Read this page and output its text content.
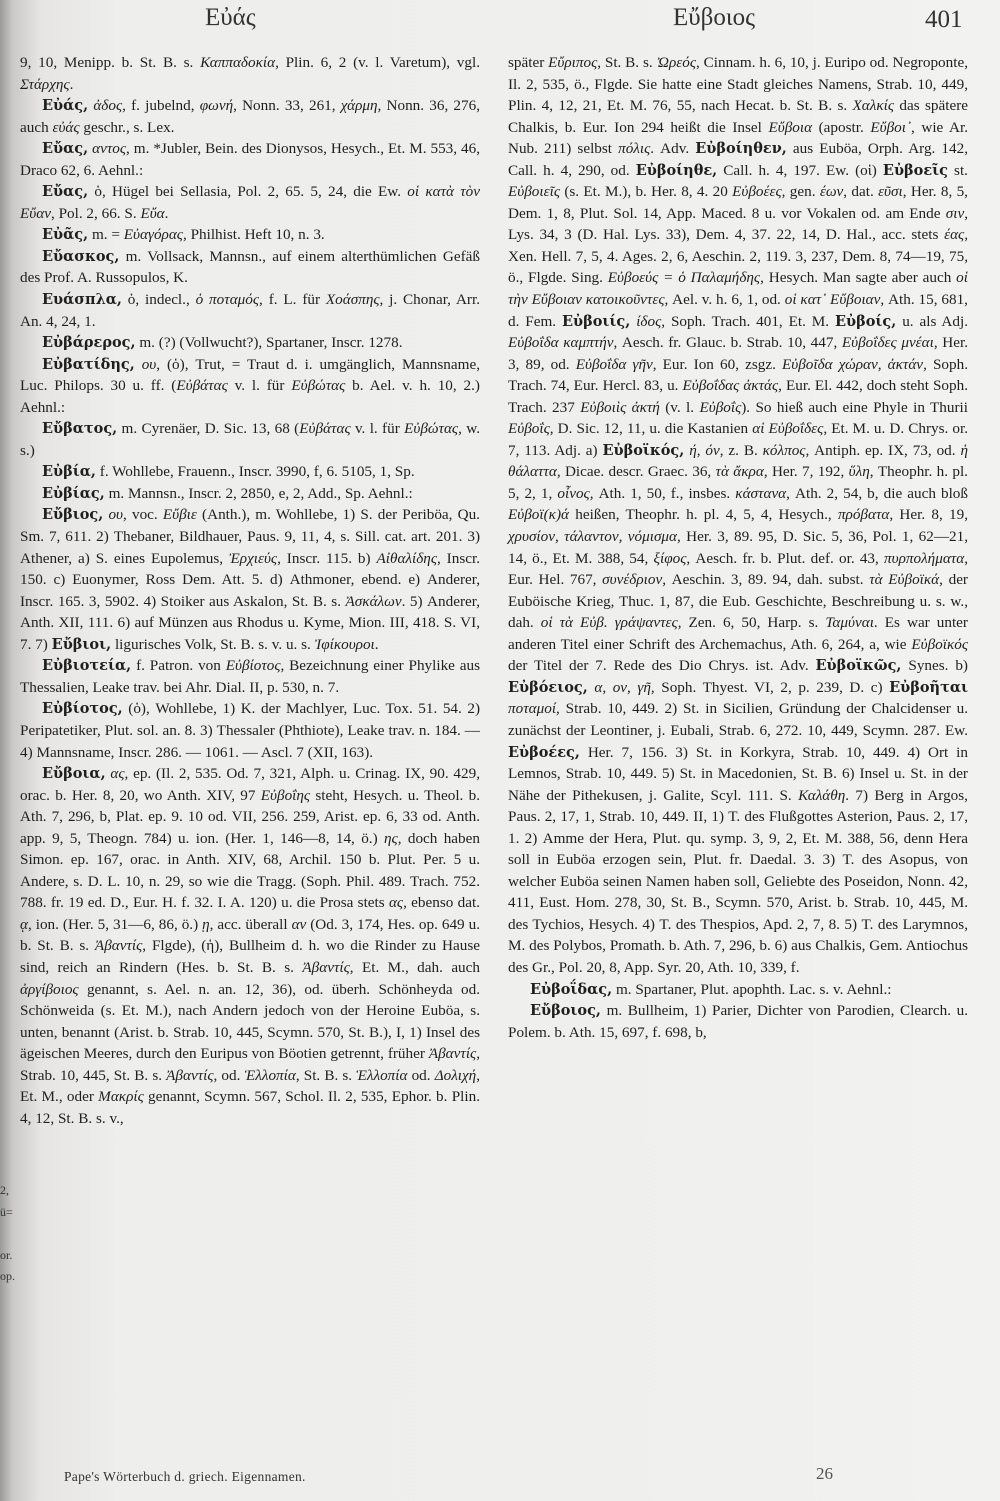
Εὐάς	Εὔβοιος	401
2,
ü=

or.
op.

9, 10, Menipp. b. St. B. s. Καππαδοκία, Plin. 6, 2 (v. l. Varetum), vgl. Στάρχης.

Εὐάς, ἀδος, f. jubelnd, φωνή, Nonn. 33, 261, χάρμη, Nonn. 36, 276, auch εὐάς geschr., s. Lex.

Εὔας, αντος, m. *Jubler, Bein. des Dionysos, Hesych., Et. M. 553, 46, Draco 62, 6. Aehnl.:

Εὔας, ὁ, Hügel bei Sellasia, Pol. 2, 65. 5, 24, die Ew. οἱ κατὰ τὸν Εὔαν, Pol. 2, 66. S. Εὔα.

Εὐᾶς, m. = Εὐαγόρας, Philhist. Heft 10, n. 3.

Εὔασκος, m. Vollsack, Mannsn., auf einem alterthümlichen Gefäß des Prof. A. Russopulos, K.

Ευάσπλα, ὁ, indecl., ὁ ποταμός, f. L. für Χοάσπης, j. Chonar, Arr. An. 4, 24, 1.

Εὐβάρερος, m. (?) (Vollwucht?), Spartaner, Inscr. 1278.

Εὐβατίδης, ου, (ὁ), Trut, = Traut d. i. umgänglich, Mannsname, Luc. Philops. 30 u. ff. (Εὐβάτας v. l. für Εὐβώτας b. Ael. v. h. 10, 2.) Aehnl.:

Εὔβατος, m. Cyrenäer, D. Sic. 13, 68 (Εὐβάτας v. l. für Εὐβώτας, w. s.)

Εὐβία, f. Wohllebe, Frauenn., Inscr. 3990, f, 6. 5105, 1, Sp.

Εὐβίας, m. Mannsn., Inscr. 2, 2850, e, 2, Add., Sp. Aehnl.:

Εὔβιος, ου, voc. Εὔβιε (Anth.), m. Wohllebe, 1) S. der Periböa, Qu. Sm. 7, 611. 2) Thebaner, Bildhauer, Paus. 9, 11, 4, s. Sill. cat. art. 201. 3) Athener, a) S. eines Eupolemus, Ἐρχιεύς, Inscr. 115. b) Αἰθαλίδης, Inscr. 150. c) Euonymer, Ross Dem. Att. 5. d) Athmoner, ebend. e) Anderer, Inscr. 165. 3, 5902. 4) Stoiker aus Askalon, St. B. s. Ἀσκάλων. 5) Anderer, Anth. XII, 111. 6) auf Münzen aus Rhodus u. Kyme, Mion. III, 418. S. VI, 7. 7) Εὔβιοι, ligurisches Volk, St. B. s. v. u. s. Ἰφίκουροι.

Εὐβιοτεία, f. Patron. von Εὐβίοτος, Bezeichnung einer Phylike aus Thessalien, Leake trav. bei Ahr. Dial. II, p. 530, n. 7.

Εὐβίοτος, (ὁ), Wohllebe, 1) K. der Machlyer, Luc. Tox. 51. 54. 2) Peripatetiker, Plut. sol. an. 8. 3) Thessaler (Phthiote), Leake trav. n. 184. — 4) Mannsname, Inscr. 286. — 1061. — Ascl. 7 (XII, 163).

Εὔβοια, ας, ep. (Il. 2, 535. Od. 7, 321, Alph. u. Crinag. IX, 90. 429, orac. b. Her. 8, 20, wo Anth. XIV, 97 Εὐβοΐης steht, Hesych. u. Theol. b. Ath. 7, 296, b, Plat. ep. 9. 10 od. VII, 256. 259, Arist. ep. 6, 33 od. Anth. app. 9, 5, Theogn. 784) u. ion. (Her. 1, 146—8, 14, ö.) ης, doch haben Simon. ep. 167, orac. in Anth. XIV, 68, Archil. 150 b. Plut. Per. 5 u. Andere, s. D. L. 10, n. 29, so wie die Tragg. (Soph. Phil. 489. Trach. 752. 788. fr. 19 ed. D., Eur. H. f. 32. I. A. 120) u. die Prosa stets ας, ebenso dat. ᾳ, ion. (Her. 5, 31—6, 86, ö.) ῃ, acc. überall αν (Od. 3, 174, Hes. op. 649 u. b. St. B. s. Ἀβαντίς, Flgde), (ἡ), Bullheim d. h. wo die Rinder zu Hause sind, reich an Rindern (Hes. b. St. B. s. Ἀβαντίς, Et. M., dah. auch ἀργίβοιος genannt, s. Ael. n. an. 12, 36), od. überh. Schönheyda od. Schönweida (s. Et. M.), nach Andern jedoch von der Heroine Euböa, s. unten, benannt (Arist. b. Strab. 10, 445, Scymn. 570, St. B.), I, 1) Insel des ägeischen Meeres, durch den Euripus von Böotien getrennt, früher Ἀβαντίς, Strab. 10, 445, St. B. s. Ἀβαντίς, od. Ἑλλοπία, St. B. s. Ἑλλοπία od. Δολιχή, Et. M., oder Μακρίς genannt, Scymn. 567, Schol. Il. 2, 535, Ephor. b. Plin. 4, 12, St. B. s. v.,

später Εὔριπος, St. B. s. Ὠρεός, Cinnam. h. 6, 10, j. Euripo od. Negroponte, Il. 2, 535, ö., Flgde. Sie hatte eine Stadt gleiches Namens, Strab. 10, 449, Plin. 4, 12, 21, Et. M. 76, 55, nach Hecat. b. St. B. s. Χαλκίς das spätere Chalkis, b. Eur. Ion 294 heißt die Insel Εὔβοια (apostr. Εὔβοι᾽, wie Ar. Nub. 211) selbst πόλις. Adv. Εὐβοίηθεν, aus Euböa, Orph. Arg. 142, Call. h. 4, 290, od. Εὐβοίηθε, Call. h. 4, 197. Ew. (οἱ) Εὐβοεῖς st. Εὐβοιεῖς (s. Et. M.), b. Her. 8, 4. 20 Εὐβοέες, gen. έων, dat. εῦσι, Her. 8, 5, Dem. 1, 8, Plut. Sol. 14, App. Maced. 8 u. vor Vokalen od. am Ende σιν, Lys. 34, 3 (D. Hal. Lys. 33), Dem. 4, 37. 22, 14, D. Hal., acc. stets έας, Xen. Hell. 7, 5, 4. Ages. 2, 6, Aeschin. 2, 119. 3, 237, Dem. 8, 74—19, 75, ö., Flgde. Sing. Εὐβοεύς = ὁ Παλαμήδης, Hesych. Man sagte aber auch οἱ τὴν Εὔβοιαν κατοικοῦντες, Ael. v. h. 6, 1, od. οἱ κατ᾽ Εὔβοιαν, Ath. 15, 681, d. Fem. Εὐβοιίς, ίδος, Soph. Trach. 401, Et. M. Εὐβοίς, u. als Adj. Εὐβοΐδα καμπτήν, Aesch. fr. Glauc. b. Strab. 10, 447, Εὐβοΐδες μνέαι, Her. 3, 89, od. Εὐβοΐδα γῆν, Eur. Ion 60, zsgz. Εὐβοῖδα χώραν, ἀκτάν, Soph. Trach. 74, Eur. Hercl. 83, u. Εὐβοΐδας ἀκτάς, Eur. El. 442, doch steht Soph. Trach. 237 Εὐβοιὶς ἀκτή (v. l. Εὐβοΐς). So hieß auch eine Phyle in Thurii Εὐβοΐς, D. Sic. 12, 11, u. die Kastanien αἱ Εὐβοΐδες, Et. M. u. D. Chrys. or. 7, 113. Adj. a) Εὐβοϊκός, ή, όν, z. B. κόλπος, Antiph. ep. IX, 73, od. ἡ θάλαττα, Dicae. descr. Graec. 36, τὰ ἄκρα, Her. 7, 192, ὕλη, Theophr. h. pl. 5, 2, 1, οἶνος, Ath. 1, 50, f., insbes. κάστανα, Ath. 2, 54, b, die auch bloß Εὐβοϊ(κ)ά heißen, Theophr. h. pl. 4, 5, 4, Hesych., πρόβατα, Her. 8, 19, χρυσίον, τάλαντον, νόμισμα, Her. 3, 89. 95, D. Sic. 5, 36, Pol. 1, 62—21, 14, ö., Et. M. 388, 54, ξίφος, Aesch. fr. b. Plut. def. or. 43, πυρπολήματα, Eur. Hel. 767, συνέδριον, Aeschin. 3, 89. 94, dah. subst. τὰ Εὐβοϊκά, der Euböische Krieg, Thuc. 1, 87, die Eub. Geschichte, Beschreibung u. s. w., dah. οἱ τὰ Εὐβ. γράψαντες, Zen. 6, 50, Harp. s. Ταμύναι. Es war unter anderen Titel einer Schrift des Archemachus, Ath. 6, 264, a, wie Εὐβοϊκός der Titel der 7. Rede des Dio Chrys. ist. Adv. Εὐβοϊκῶς, Synes. b) Εὐβόειος, α, ον, γῆ, Soph. Thyest. VI, 2, p. 239, D. c) Εὐβοῆται ποταμοί, Strab. 10, 449. 2) St. in Sicilien, Gründung der Chalcidenser u. zunächst der Leontiner, j. Eubali, Strab. 6, 272. 10, 449, Scymn. 287. Ew. Εὐβοέες, Her. 7, 156. 3) St. in Korkyra, Strab. 10, 449. 4) Ort in Lemnos, Strab. 10, 449. 5) St. in Macedonien, St. B. 6) Insel u. St. in der Nähe der Pithekusen, j. Galite, Scyl. 111. S. Καλάθη. 7) Berg in Argos, Paus. 2, 17, 1, Strab. 10, 449. II, 1) T. des Flußgottes Asterion, Paus. 2, 17, 1. 2) Amme der Hera, Plut. qu. symp. 3, 9, 2, Et. M. 388, 56, denn Hera soll in Euböa erzogen sein, Plut. fr. Daedal. 3. 3) T. des Asopus, von welcher Euböa seinen Namen haben soll, Geliebte des Poseidon, Nonn. 42, 411, Eust. Hom. 278, 30, St. B., Scymn. 570, Arist. b. Strab. 10, 445, M. des Tychios, Hesych. 4) T. des Thespios, Apd. 2, 7, 8. 5) T. des Larymnos, M. des Polybos, Promath. b. Ath. 7, 296, b. 6) aus Chalkis, Gem. Antiochus des Gr., Pol. 20, 8, App. Syr. 20, Ath. 10, 339, f.

Εὐβοΐδας, m. Spartaner, Plut. apophth. Lac. s. v. Aehnl.:

Εὔβοιος, m. Bullheim, 1) Parier, Dichter von Parodien, Clearch. u. Polem. b. Ath. 15, 697, f. 698, b,

Pape's Wörterbuch d. griech. Eigennamen.	26
